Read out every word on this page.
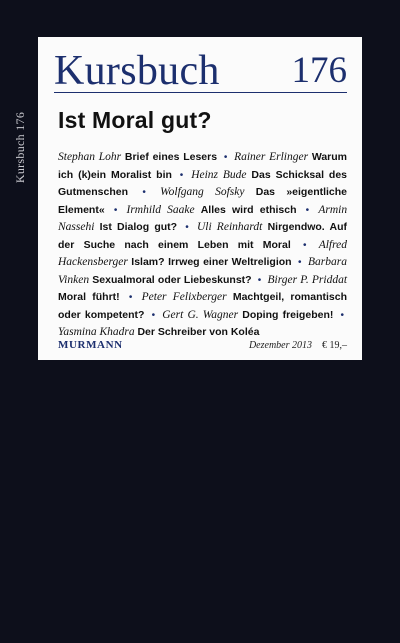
Kursbuch 176
Kursbuch 176
Ist Moral gut?
Stephan Lohr Brief eines Lesers • Rainer Erlinger Warum ich (k)ein Moralist bin • Heinz Bude Das Schicksal des Gutmenschen • Wolfgang Sofsky Das »eigentliche Element« • Irmhild Saake Alles wird ethisch • Armin Nassehi Ist Dialog gut? • Uli Reinhardt Nirgendwo. Auf der Suche nach einem Leben mit Moral • Alfred Hackensberger Islam? Irrweg einer Weltreligion • Barbara Vinken Sexualmoral oder Liebeskunst? • Birger P. Priddat Moral führt! • Peter Felixberger Machtgeil, romantisch oder kompetent? • Gert G. Wagner Doping freigeben! • Yasmina Khadra Der Schreiber von Koléa
MURMANN	Dezember 2013 € 19,–
